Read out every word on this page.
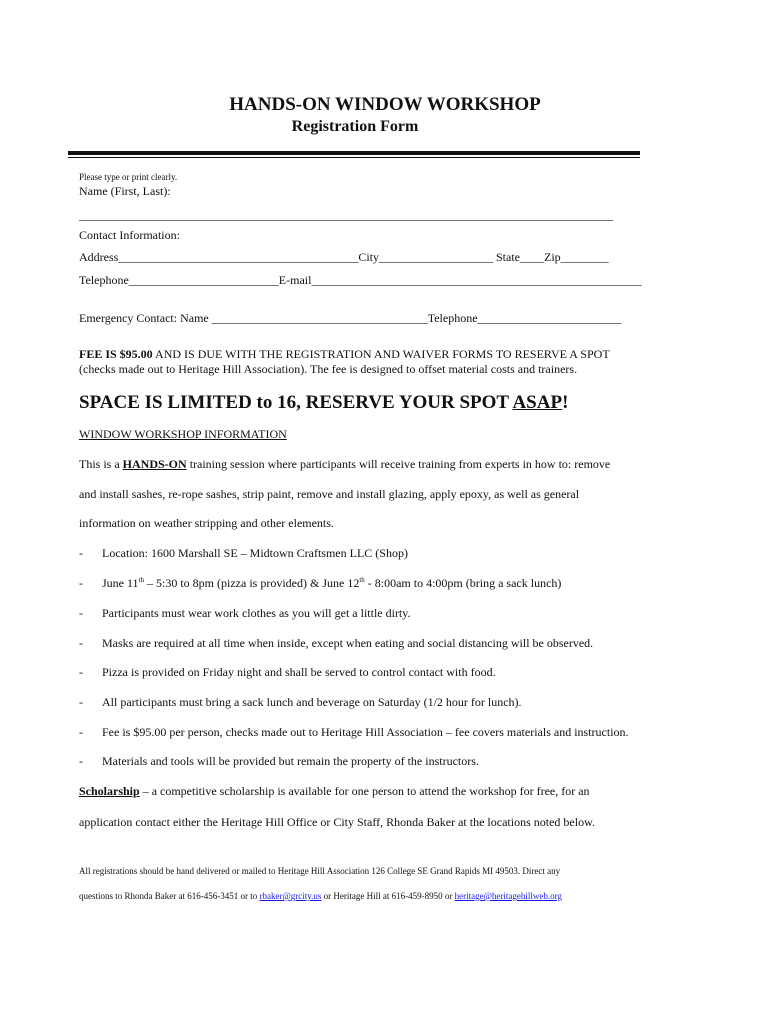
HANDS-ON WINDOW WORKSHOP
Registration Form
Please type or print clearly.
Name (First, Last):
_________________________________________________________________________________________
Contact Information:
Address________________________________________City___________________ State____Zip________
Telephone_________________________E-mail_______________________________________________________
Emergency Contact: Name ____________________________________Telephone________________________
FEE IS $95.00 AND IS DUE WITH THE REGISTRATION AND WAIVER FORMS TO RESERVE A SPOT
(checks made out to Heritage Hill Association). The fee is designed to offset material costs and trainers.
SPACE IS LIMITED to 16, RESERVE YOUR SPOT ASAP!
WINDOW WORKSHOP INFORMATION
This is a HANDS-ON training session where participants will receive training from experts in how to: remove
and install sashes, re-rope sashes, strip paint, remove and install glazing, apply epoxy, as well as general
information on weather stripping and other elements.
- Location: 1600 Marshall SE – Midtown Craftsmen LLC (Shop)
- June 11th – 5:30 to 8pm (pizza is provided) & June 12th - 8:00am to 4:00pm (bring a sack lunch)
- Participants must wear work clothes as you will get a little dirty.
- Masks are required at all time when inside, except when eating and social distancing will be observed.
- Pizza is provided on Friday night and shall be served to control contact with food.
- All participants must bring a sack lunch and beverage on Saturday (1/2 hour for lunch).
- Fee is $95.00 per person, checks made out to Heritage Hill Association – fee covers materials and instruction.
- Materials and tools will be provided but remain the property of the instructors.
Scholarship – a competitive scholarship is available for one person to attend the workshop for free, for an
application contact either the Heritage Hill Office or City Staff, Rhonda Baker at the locations noted below.
All registrations should be hand delivered or mailed to Heritage Hill Association 126 College SE Grand Rapids MI 49503. Direct any
questions to Rhonda Baker at 616-456-3451 or to rbaker@grcity.us or Heritage Hill at 616-459-8950 or heritage@heritagehillweb.org
